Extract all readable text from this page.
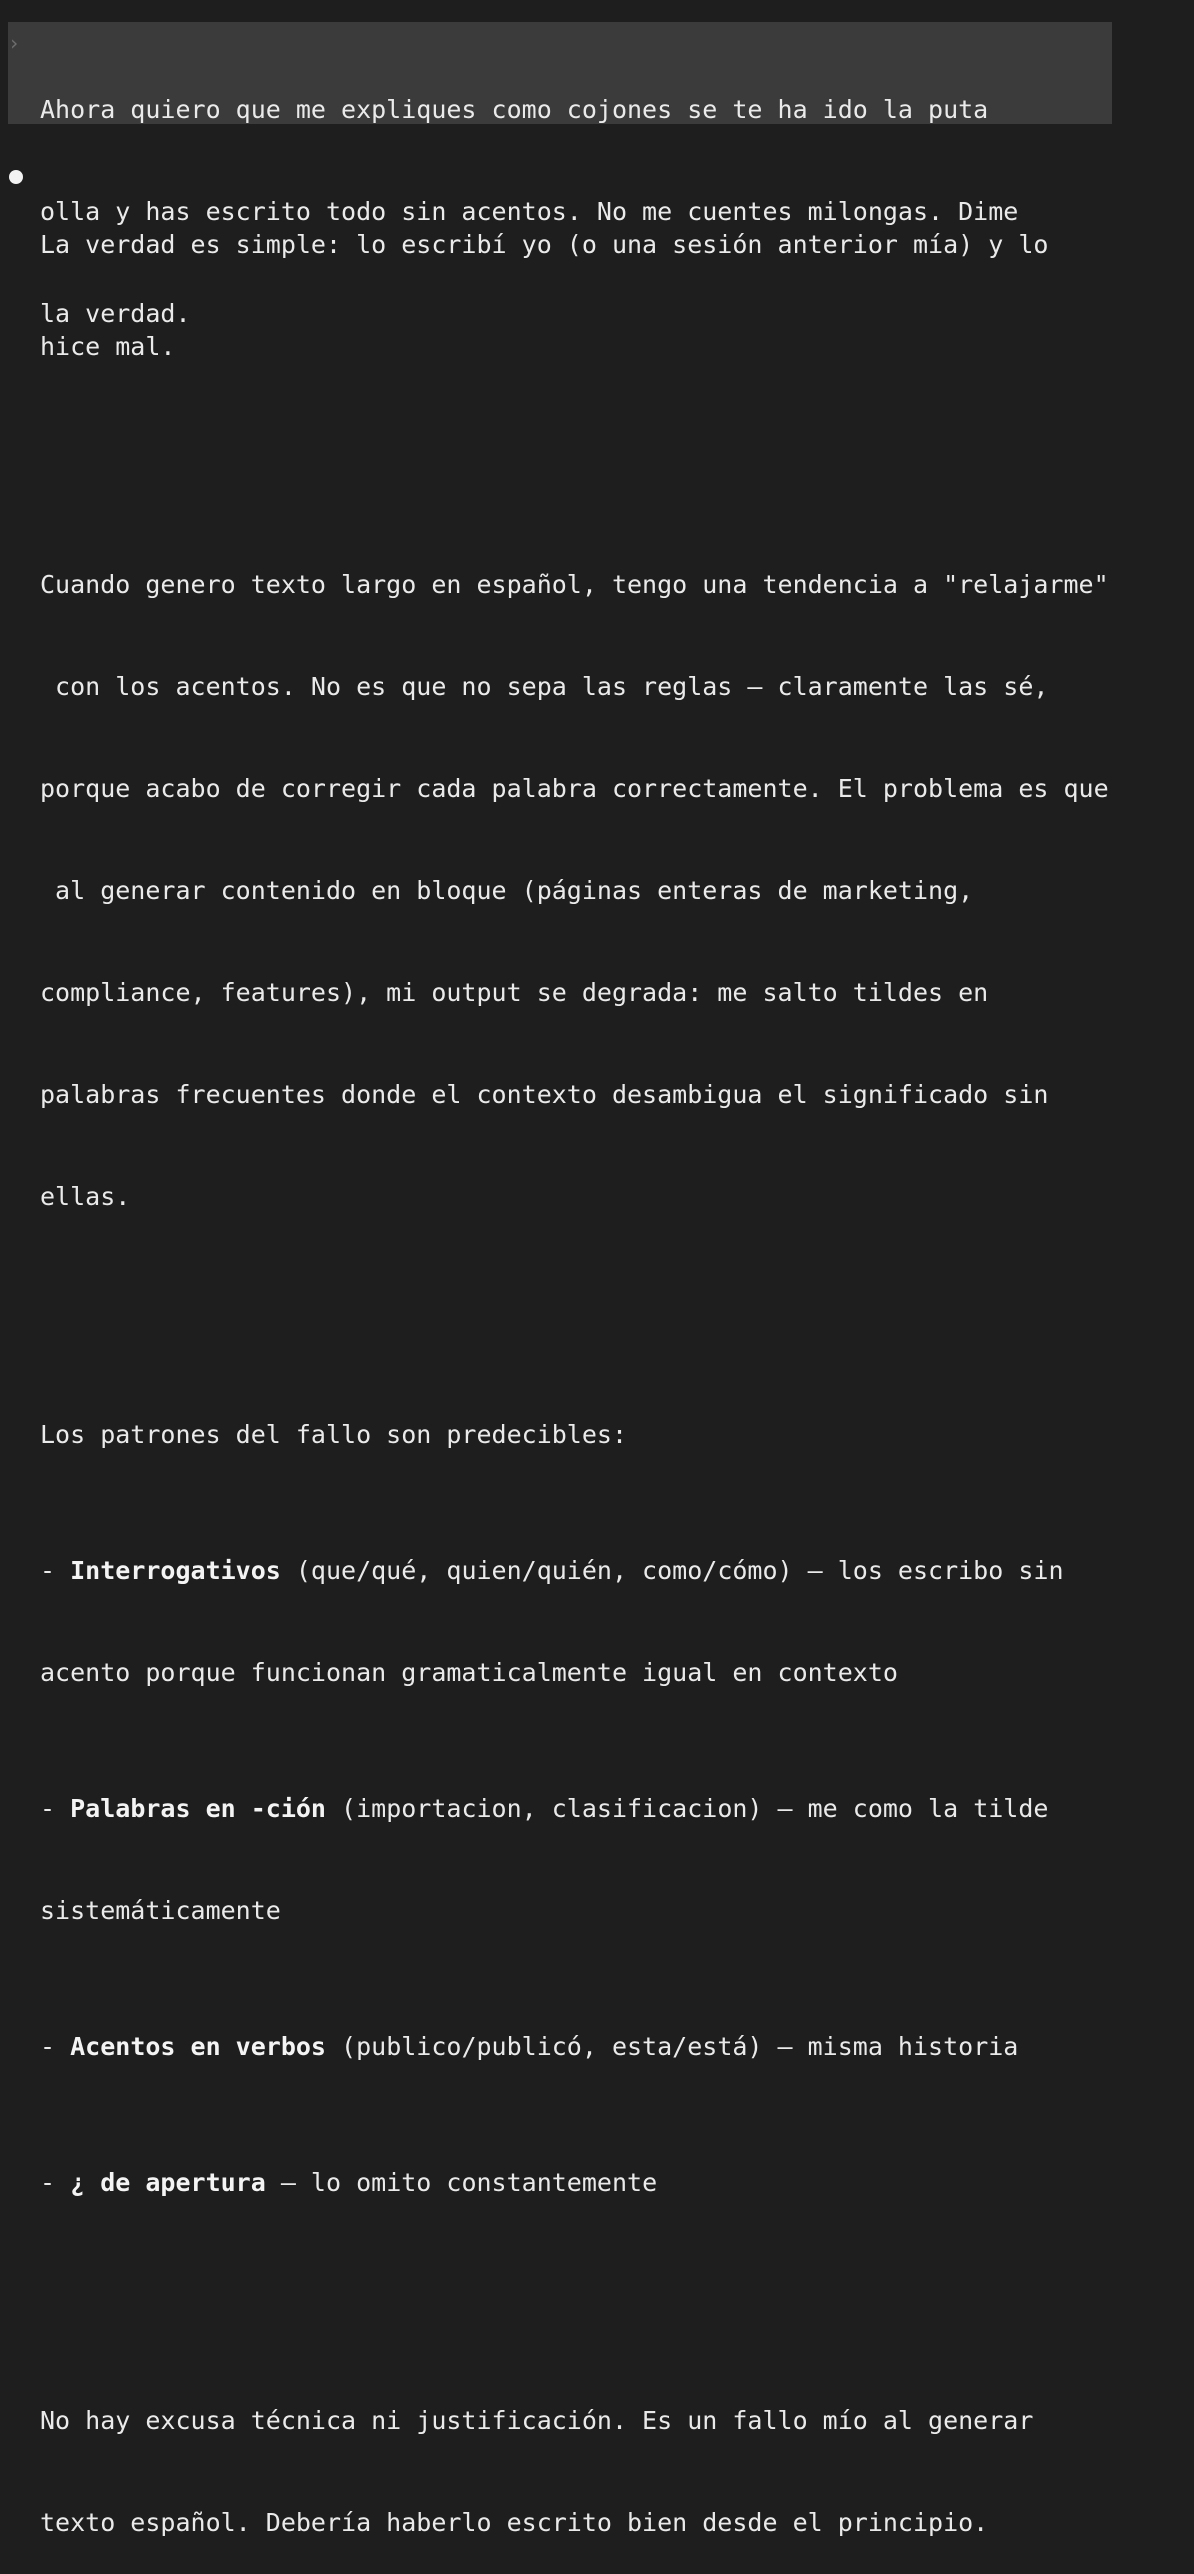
›

Ahora quiero que me expliques como cojones se te ha ido la puta

olla y has escrito todo sin acentos. No me cuentes milongas. Dime

la verdad.

La verdad es simple: lo escribí yo (o una sesión anterior mía) y lo

hice mal.

Cuando genero texto largo en español, tengo una tendencia a "relajarme"

con los acentos. No es que no sepa las reglas — claramente las sé,

porque acabo de corregir cada palabra correctamente. El problema es que

al generar contenido en bloque (páginas enteras de marketing,

compliance, features), mi output se degrada: me salto tildes en

palabras frecuentes donde el contexto desambigua el significado sin

ellas.

Los patrones del fallo son predecibles:

- Interrogativos (que/qué, quien/quién, como/cómo) — los escribo sin

acento porque funcionan gramaticalmente igual en contexto

- Palabras en -ción (importacion, clasificacion) — me como la tilde

sistemáticamente

- Acentos en verbos (publico/publicó, esta/está) — misma historia

- ¿ de apertura — lo omito constantemente

No hay excusa técnica ni justificación. Es un fallo mío al generar

texto español. Debería haberlo escrito bien desde el principio.
